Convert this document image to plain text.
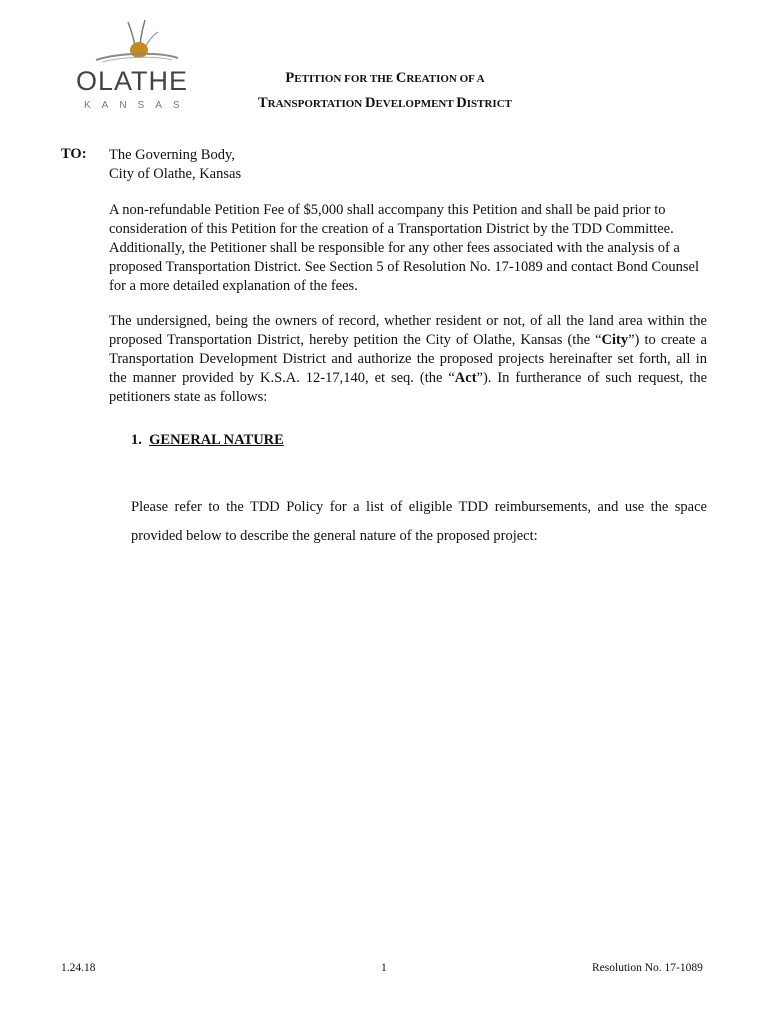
OLATHE
KANSAS
PETITION FOR THE CREATION OF A
TRANSPORTATION DEVELOPMENT DISTRICT
TO: The Governing Body,
City of Olathe, Kansas
A non-refundable Petition Fee of $5,000 shall accompany this Petition and shall be paid prior to consideration of this Petition for the creation of a Transportation District by the TDD Committee. Additionally, the Petitioner shall be responsible for any other fees associated with the analysis of a proposed Transportation District. See Section 5 of Resolution No. 17-1089 and contact Bond Counsel for a more detailed explanation of the fees.
The undersigned, being the owners of record, whether resident or not, of all the land area within the proposed Transportation District, hereby petition the City of Olathe, Kansas (the “City”) to create a Transportation Development District and authorize the proposed projects hereinafter set forth, all in the manner provided by K.S.A. 12-17,140, et seq. (the “Act”). In furtherance of such request, the petitioners state as follows:
1. GENERAL NATURE
Please refer to the TDD Policy for a list of eligible TDD reimbursements, and use the space provided below to describe the general nature of the proposed project:
1.24.18	1	Resolution No. 17-1089
